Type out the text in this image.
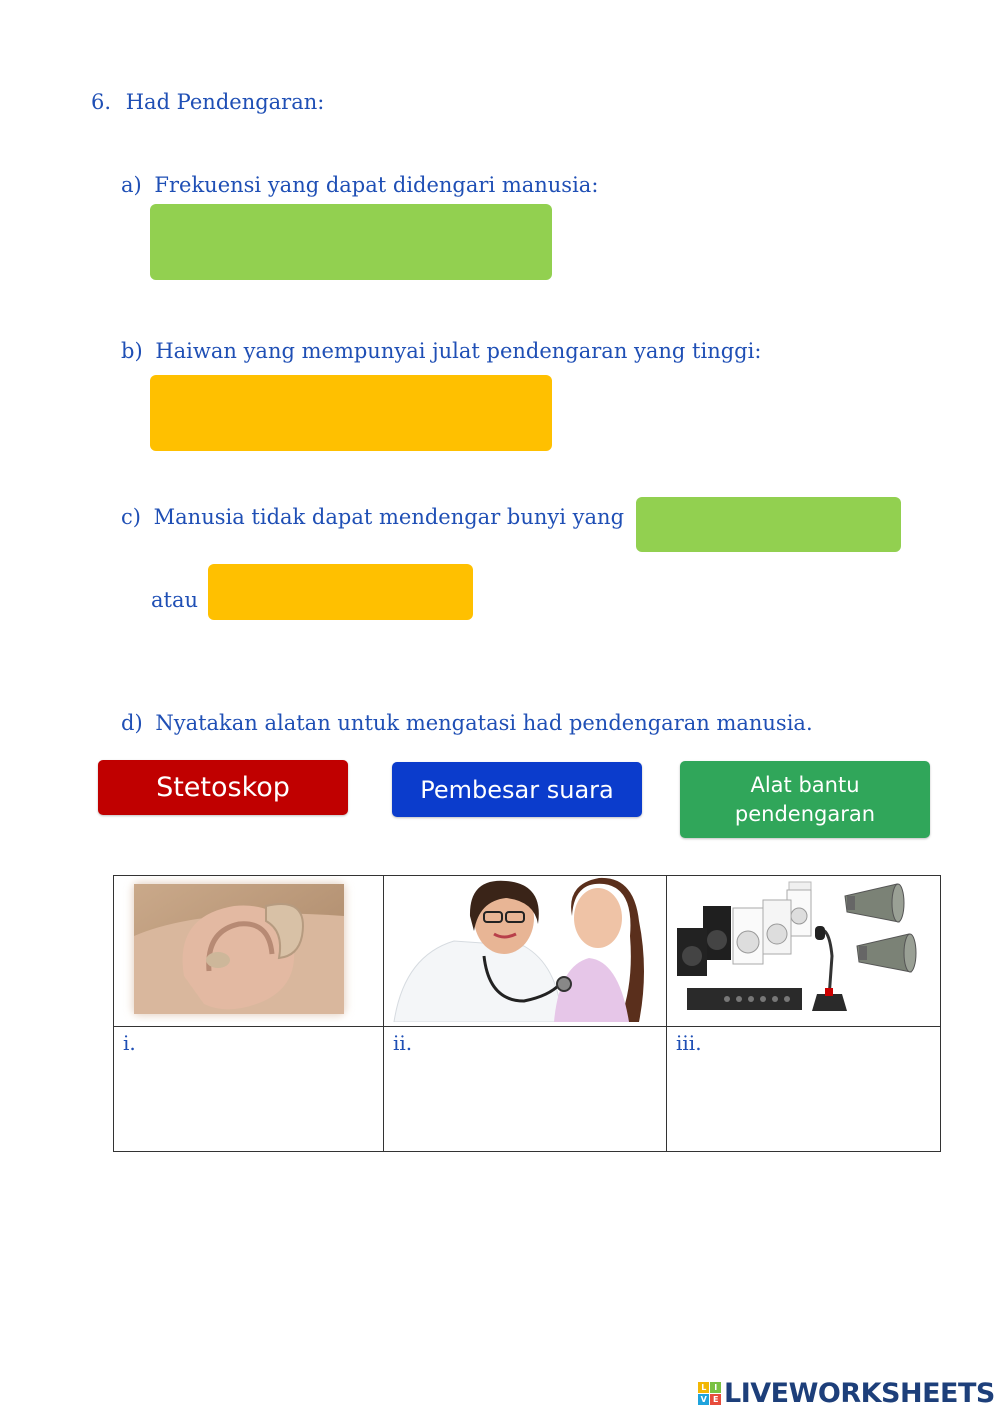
6. Had Pendengaran:
a) Frekuensi yang dapat didengari manusia:
b) Haiwan yang mempunyai julat pendengaran yang tinggi:
c) Manusia tidak dapat mendengar bunyi yang
atau
d) Nyatakan alatan untuk mengatasi had pendengaran manusia.
Stetoskop	Pembesar suara	Alat bantu
pendengaran

i.	ii.	iii.
L	I
V E LIVEWORKSHEETS
